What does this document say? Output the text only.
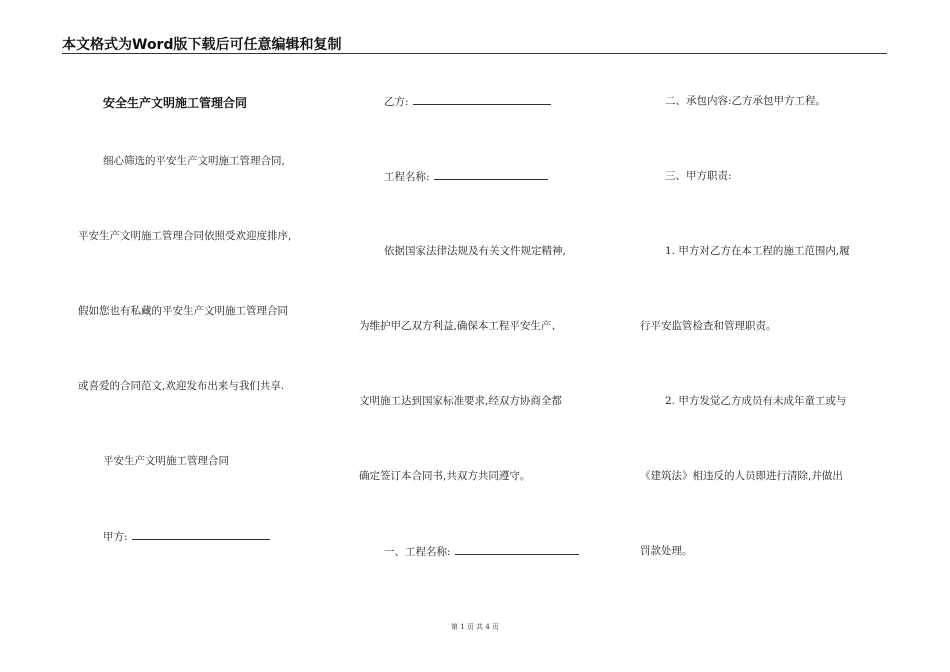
本文格式为Word版下载后可任意编辑和复制
安全生产文明施工管理合同
细心筛选的平安生产文明施工管理合同,
平安生产文明施工管理合同依照受欢迎度排序,
假如您也有私藏的平安生产文明施工管理合同
或喜爱的合同范文,欢迎发布出来与我们共享.
平安生产文明施工管理合同
甲方:
乙方:
工程名称:
依据国家法律法规及有关文件规定精神,
为维护甲乙双方利益,确保本工程平安生产、
文明施工达到国家标准要求,经双方协商全都
确定签订本合同书,共双方共同遵守。
一、工程名称:
二、承包内容:乙方承包甲方工程。
三、甲方职责:
1. 甲方对乙方在本工程的施工范围内,履
行平安监管检查和管理职责。
2. 甲方发觉乙方成员有未成年童工或与
《建筑法》相违反的人员即进行清除,并做出
罚款处理。
第 1 页 共 4 页
